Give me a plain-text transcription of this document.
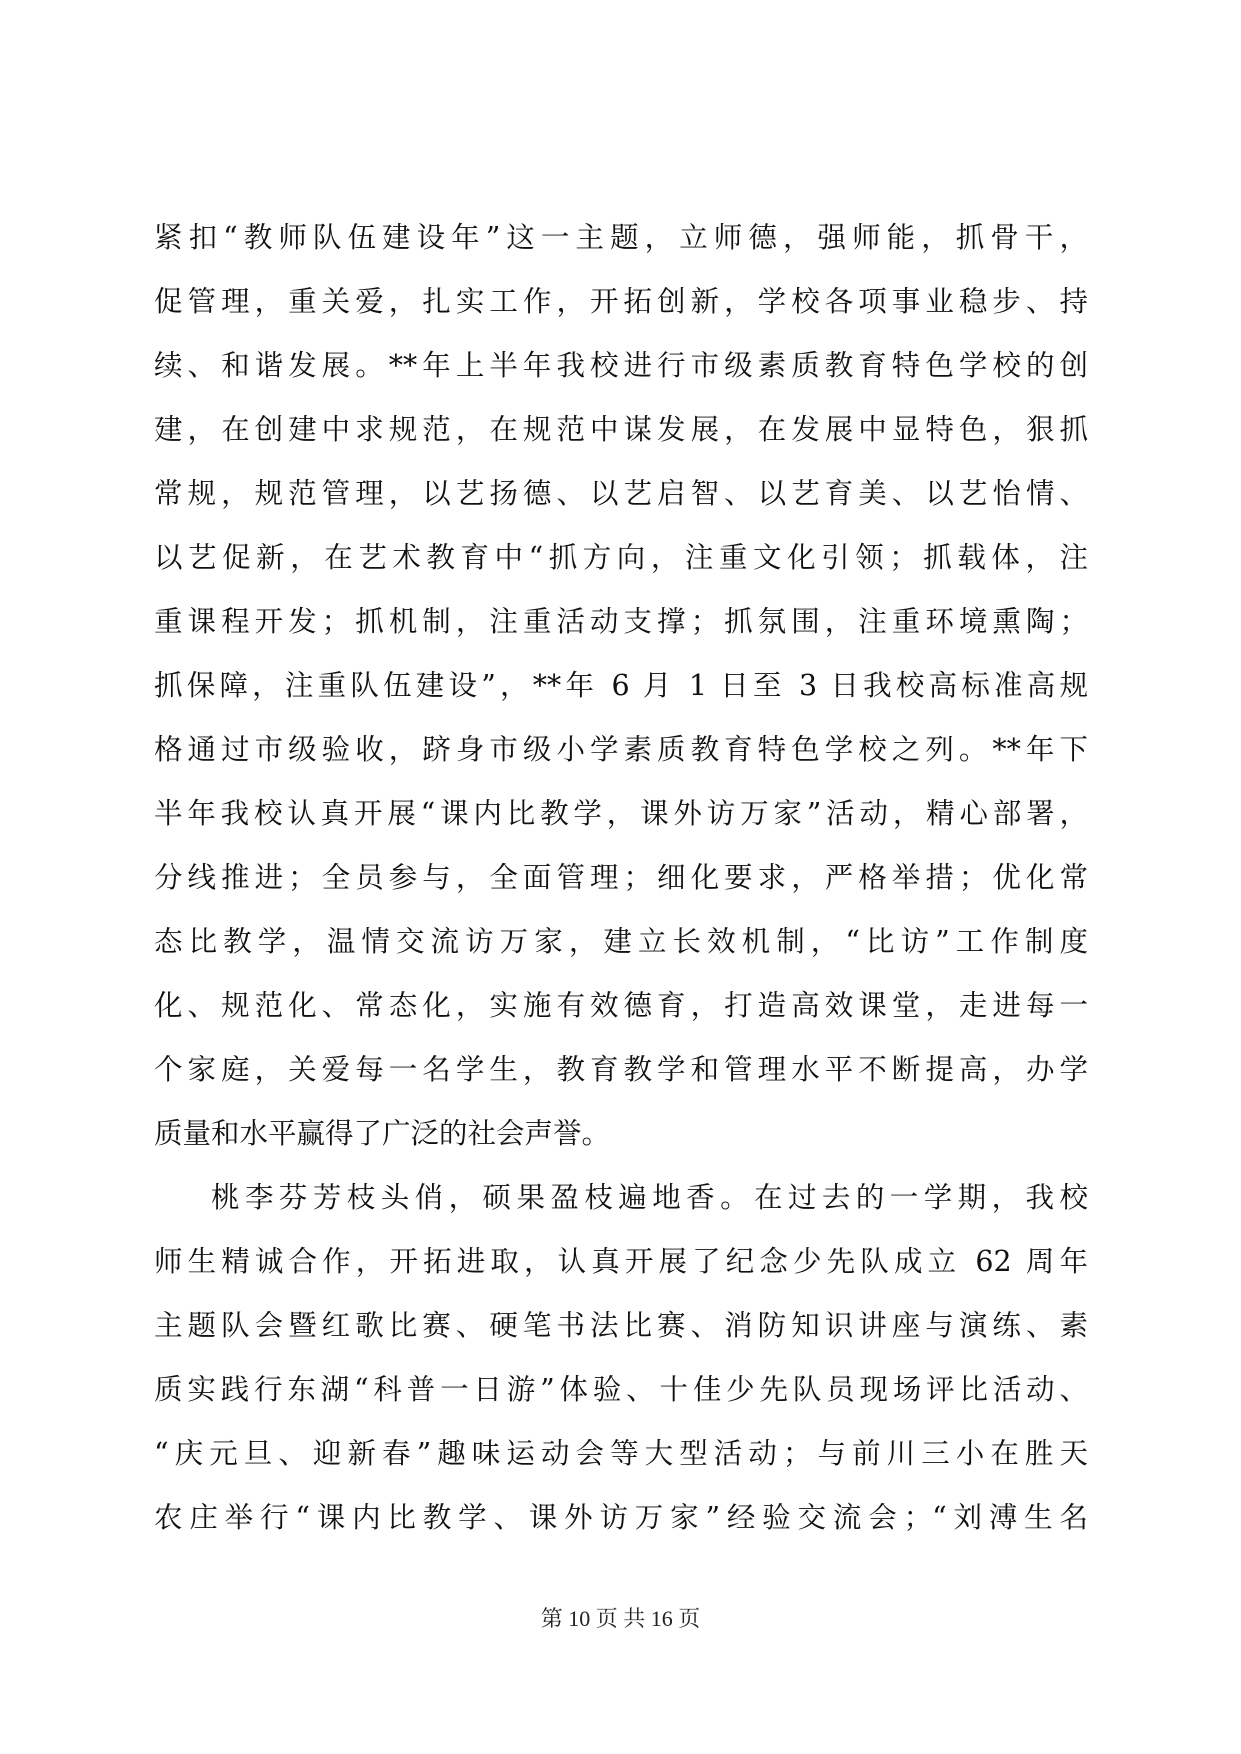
紧扣“教师队伍建设年”这一主题，立师德，强师能，抓骨干，
促管理，重关爱，扎实工作，开拓创新，学校各项事业稳步、持
续、和谐发展。**年上半年我校进行市级素质教育特色学校的创
建，在创建中求规范，在规范中谋发展，在发展中显特色，狠抓
常规，规范管理，以艺扬德、以艺启智、以艺育美、以艺怡情、
以艺促新，在艺术教育中“抓方向，注重文化引领；抓载体，注
重课程开发；抓机制，注重活动支撑；抓氛围，注重环境熏陶；
抓保障，注重队伍建设”，**年 6 月 1 日至 3 日我校高标准高规
格通过市级验收，跻身市级小学素质教育特色学校之列。**年下
半年我校认真开展“课内比教学，课外访万家”活动，精心部署，
分线推进；全员参与，全面管理；细化要求，严格举措；优化常
态比教学，温情交流访万家，建立长效机制，“比访”工作制度
化、规范化、常态化，实施有效德育，打造高效课堂，走进每一
个家庭，关爱每一名学生，教育教学和管理水平不断提高，办学
质量和水平赢得了广泛的社会声誉。
桃李芬芳枝头俏，硕果盈枝遍地香。在过去的一学期，我校
师生精诚合作，开拓进取，认真开展了纪念少先队成立 62 周年
主题队会暨红歌比赛、硬笔书法比赛、消防知识讲座与演练、素
质实践行东湖“科普一日游”体验、十佳少先队员现场评比活动、
“庆元旦、迎新春”趣味运动会等大型活动；与前川三小在胜天
农庄举行“课内比教学、课外访万家”经验交流会；“刘溥生名
第 10 页 共 16 页
